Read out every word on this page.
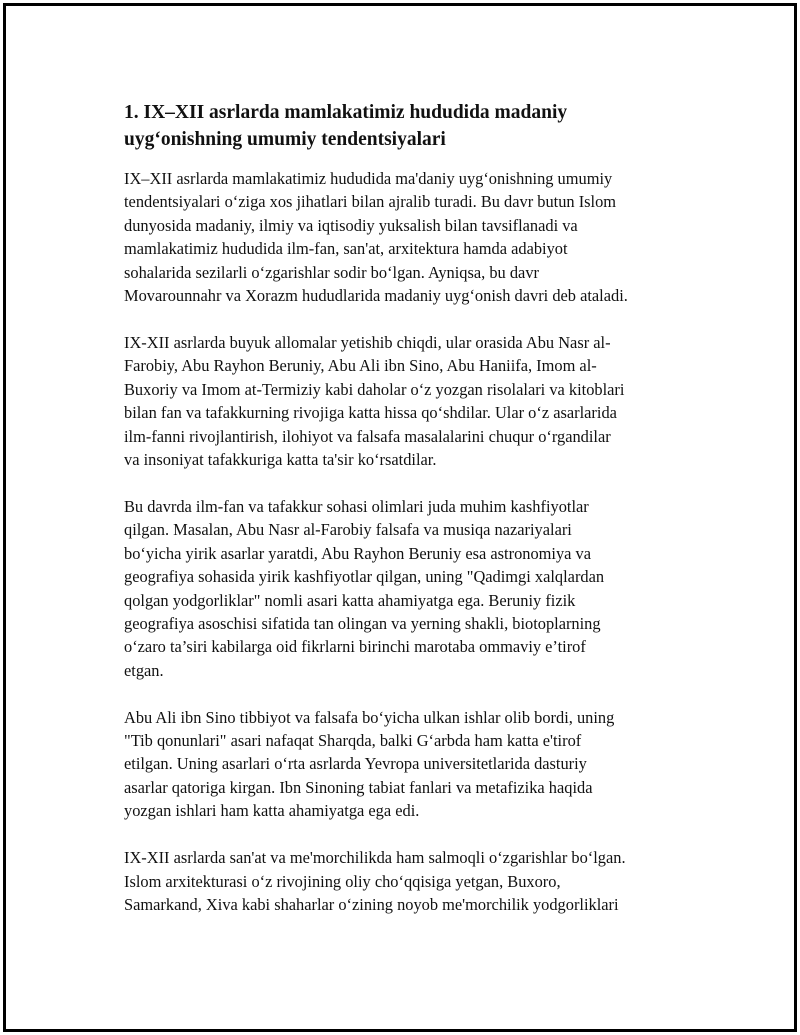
1. IX–XII asrlarda mamlakatimiz hududida madaniy
uyg‘onishning umumiy tendentsiyalari

IX–XII asrlarda mamlakatimiz hududida ma'daniy uyg‘onishning umumiy
tendentsiyalari o‘ziga xos jihatlari bilan ajralib turadi. Bu davr butun Islom
dunyosida madaniy, ilmiy va iqtisodiy yuksalish bilan tavsiflanadi va
mamlakatimiz hududida ilm-fan, san'at, arxitektura hamda adabiyot
sohalarida sezilarli o‘zgarishlar sodir bo‘lgan. Ayniqsa, bu davr
Movarounnahr va Xorazm hududlarida madaniy uyg‘onish davri deb ataladi.

IX-XII asrlarda buyuk allomalar yetishib chiqdi, ular orasida Abu Nasr al-
Farobiy, Abu Rayhon Beruniy, Abu Ali ibn Sino, Abu Haniifa, Imom al-
Buxoriy va Imom at-Termiziy kabi daholar o‘z yozgan risolalari va kitoblari
bilan fan va tafakkurning rivojiga katta hissa qo‘shdilar. Ular o‘z asarlarida
ilm-fanni rivojlantirish, ilohiyot va falsafa masalalarini chuqur o‘rgandilar
va insoniyat tafakkuriga katta ta'sir ko‘rsatdilar.

Bu davrda ilm-fan va tafakkur sohasi olimlari juda muhim kashfiyotlar
qilgan. Masalan, Abu Nasr al-Farobiy falsafa va musiqa nazariyalari
bo‘yicha yirik asarlar yaratdi, Abu Rayhon Beruniy esa astronomiya va
geografiya sohasida yirik kashfiyotlar qilgan, uning "Qadimgi xalqlardan
qolgan yodgorliklar" nomli asari katta ahamiyatga ega. Beruniy fizik
geografiya asoschisi sifatida tan olingan va yerning shakli, biotoplarning
o‘zaro ta’siri kabilarga oid fikrlarni birinchi marotaba ommaviy e’tirof
etgan.

Abu Ali ibn Sino tibbiyot va falsafa bo‘yicha ulkan ishlar olib bordi, uning
"Tib qonunlari" asari nafaqat Sharqda, balki G‘arbda ham katta e'tirof
etilgan. Uning asarlari o‘rta asrlarda Yevropa universitetlarida dasturiy
asarlar qatoriga kirgan. Ibn Sinoning tabiat fanlari va metafizika haqida
yozgan ishlari ham katta ahamiyatga ega edi.

IX-XII asrlarda san'at va me'morchilikda ham salmoqli o‘zgarishlar bo‘lgan.
Islom arxitekturasi o‘z rivojining oliy cho‘qqisiga yetgan, Buxoro,
Samarkand, Xiva kabi shaharlar o‘zining noyob me'morchilik yodgorliklari
